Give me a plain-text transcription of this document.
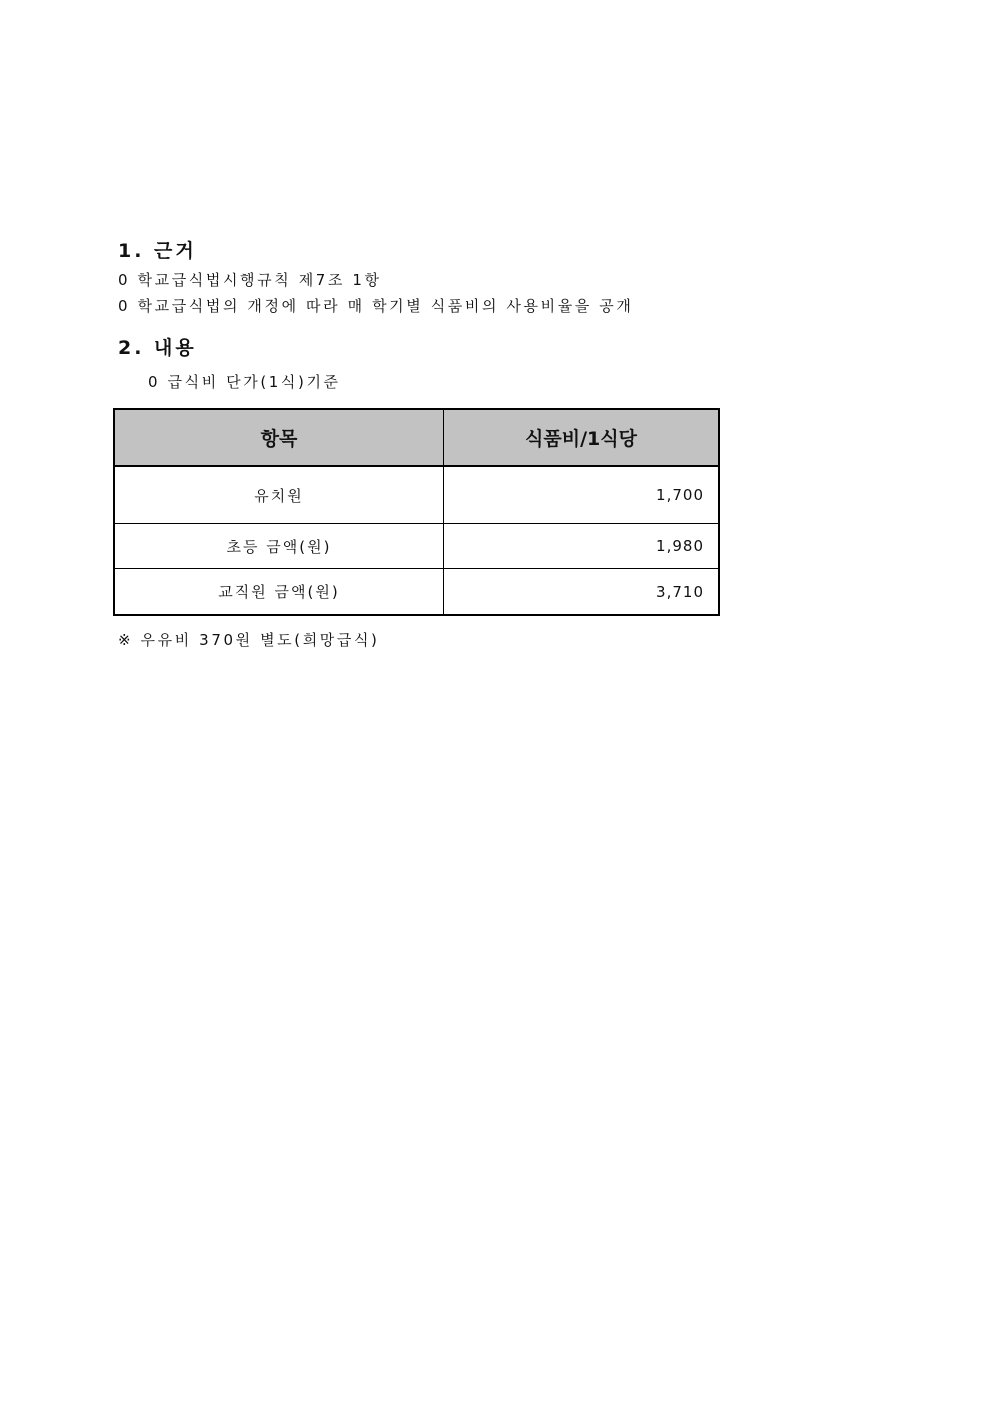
1. 근거
0 학교급식법시행규칙 제7조 1항
0 학교급식법의 개정에 따라 매 학기별 식품비의 사용비율을 공개
2. 내용
0 급식비 단가(1식)기준
항목	식품비/1식당
유치원	1,700
초등 금액(원)	1,980
교직원 금액(원)	3,710
※ 우유비 370원 별도(희망급식)
